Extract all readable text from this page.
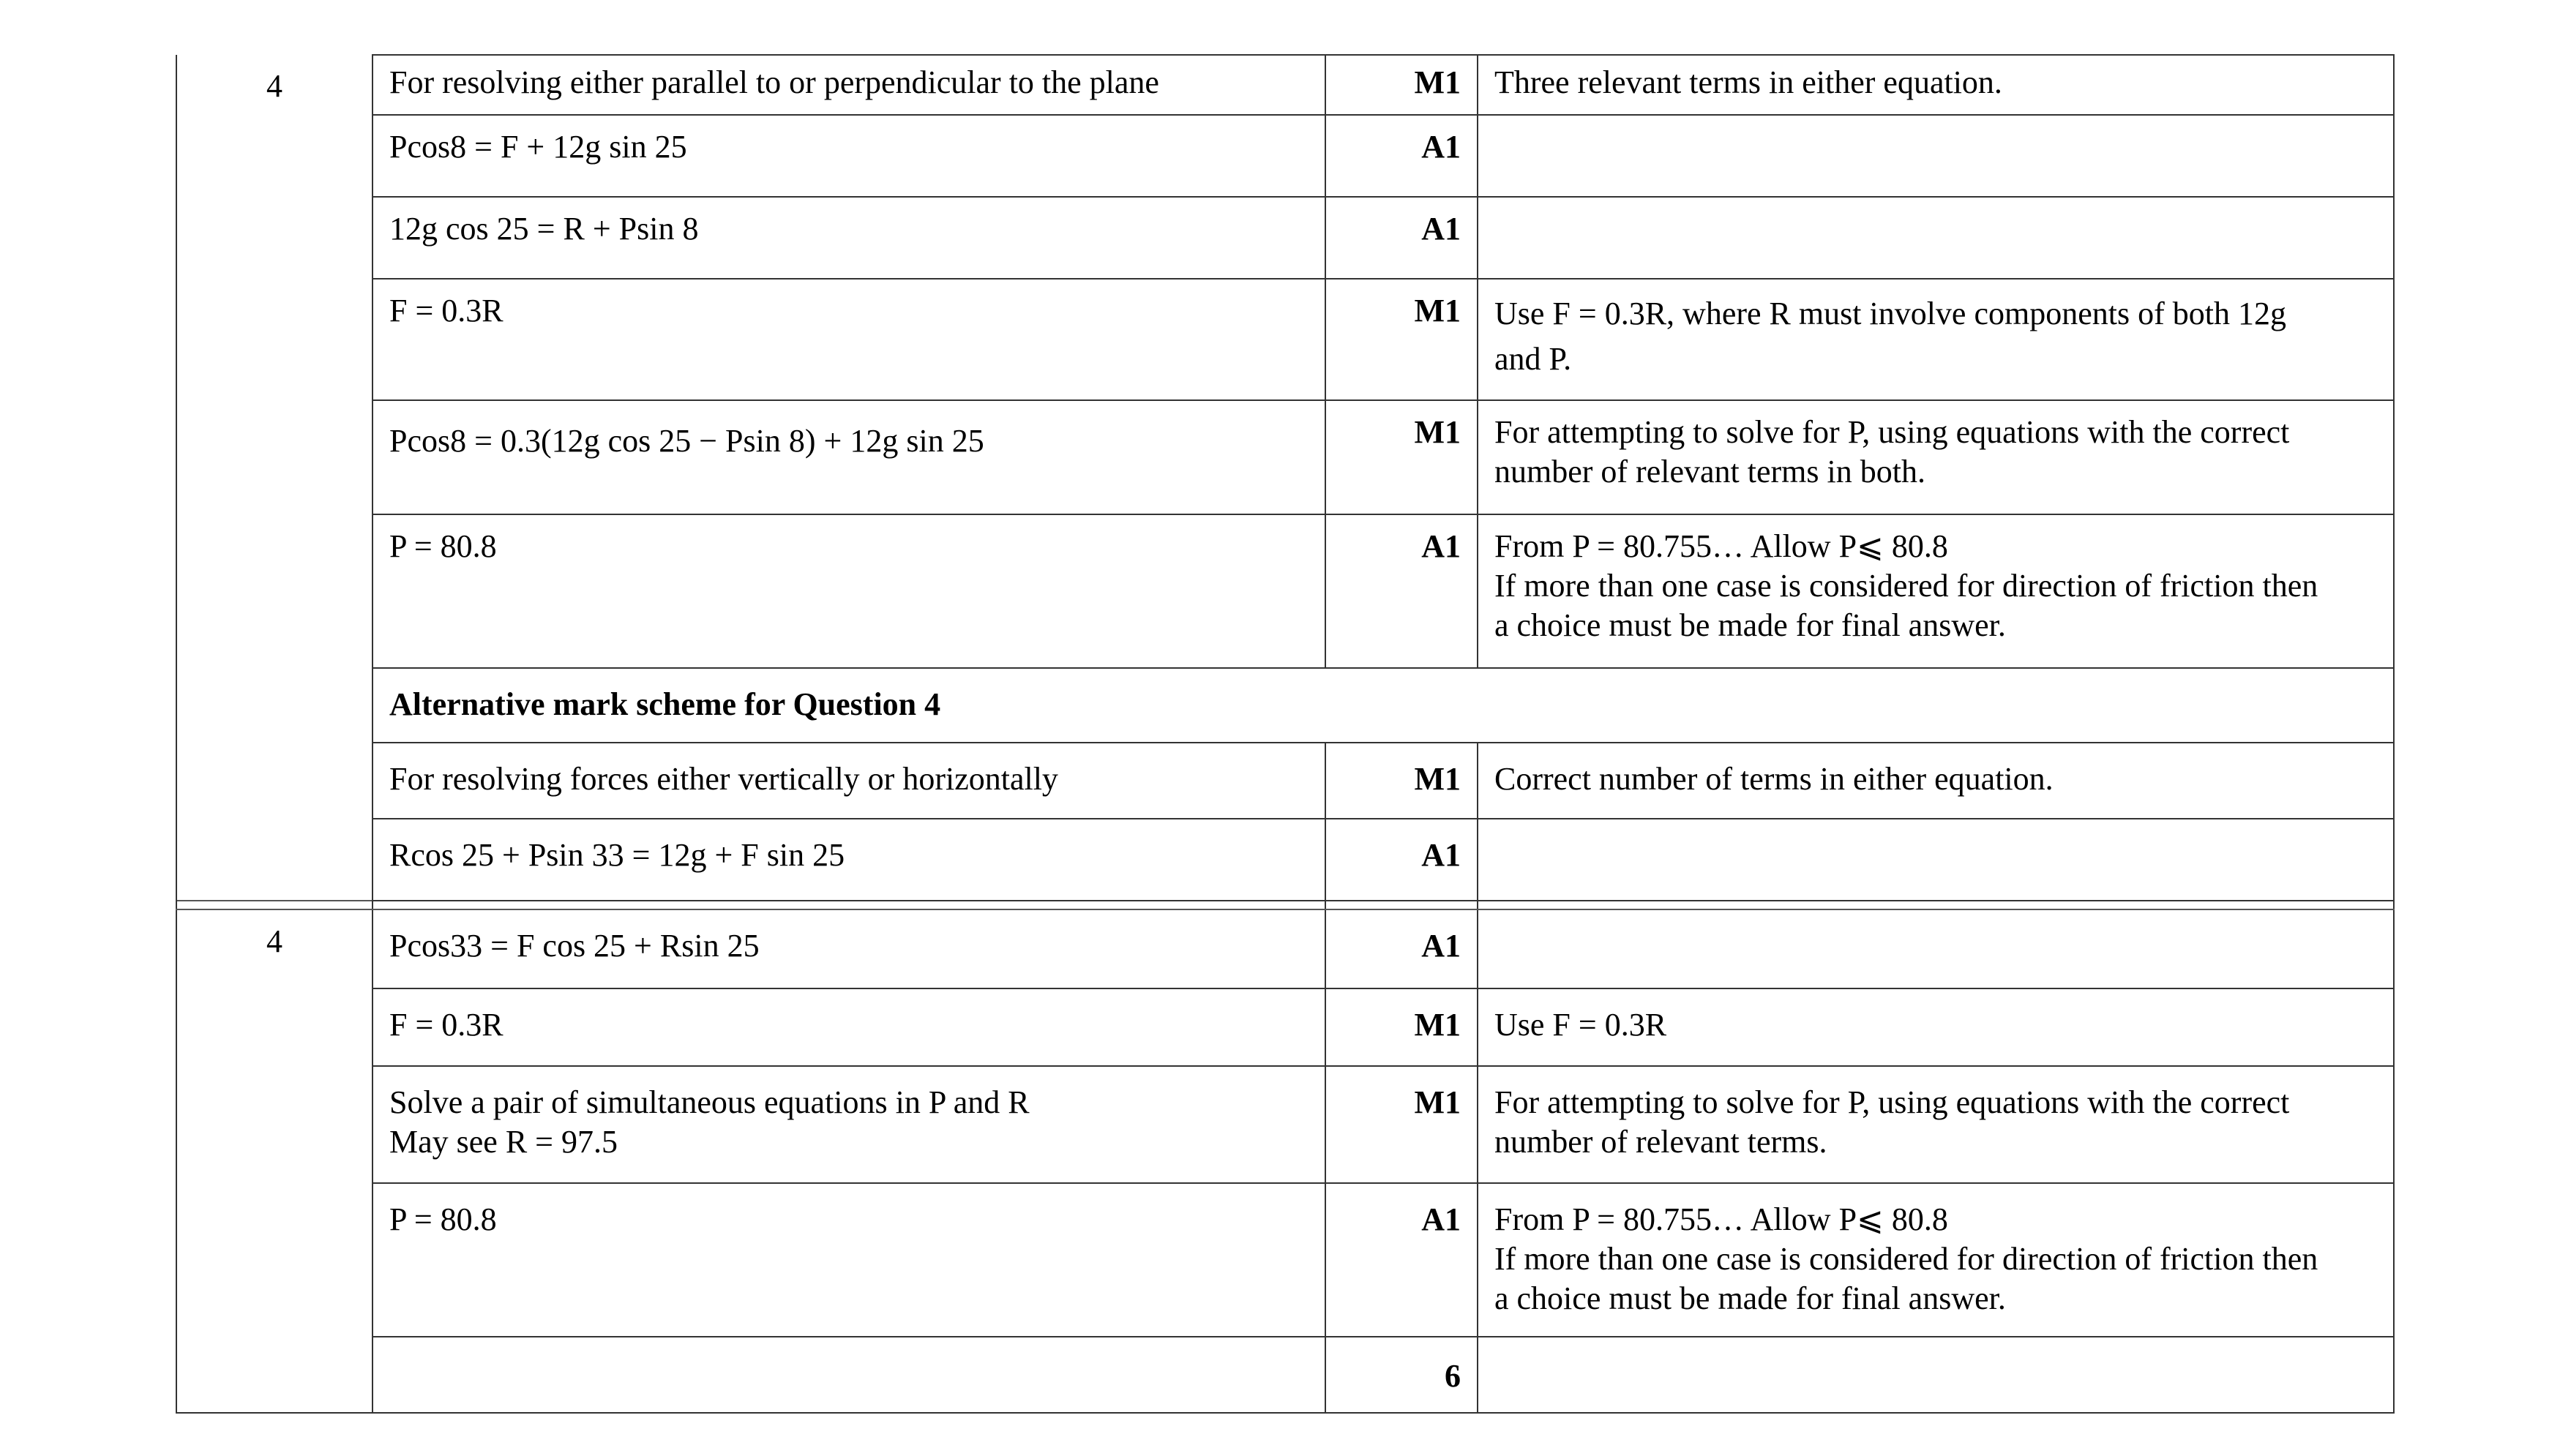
4	For resolving either parallel to or perpendicular to the plane	M1	Three relevant terms in either equation.

	Pcos8 = F + 12g sin 25	A1	
	12g cos 25 = R + Psin 8	A1	
	F = 0.3R	M1	Use F = 0.3R, where R must involve components of both 12g
and P.

	Pcos8 = 0.3(12g cos 25 − Psin 8) + 12g sin 25	M1	For attempting to solve for P, using equations with the correct
number of relevant terms in both.

	P = 80.8	A1	From P = 80.755… Allow P⩽ 80.8
If more than one case is considered for direction of friction then
a choice must be made for final answer.

	Alternative mark scheme for Question 4		
	For resolving forces either vertically or horizontally	M1	Correct number of terms in either equation.

	Rcos 25 + Psin 33 = 12g + F sin 25	A1	

4	Pcos33 = F cos 25 + Rsin 25	A1	
	F = 0.3R	M1	Use F = 0.3R

	Solve a pair of simultaneous equations in P and R
May see R = 97.5	M1	For attempting to solve for P, using equations with the correct
number of relevant terms.

	P = 80.8	A1	From P = 80.755… Allow P⩽ 80.8
If more than one case is considered for direction of friction then
a choice must be made for final answer.

		6	
